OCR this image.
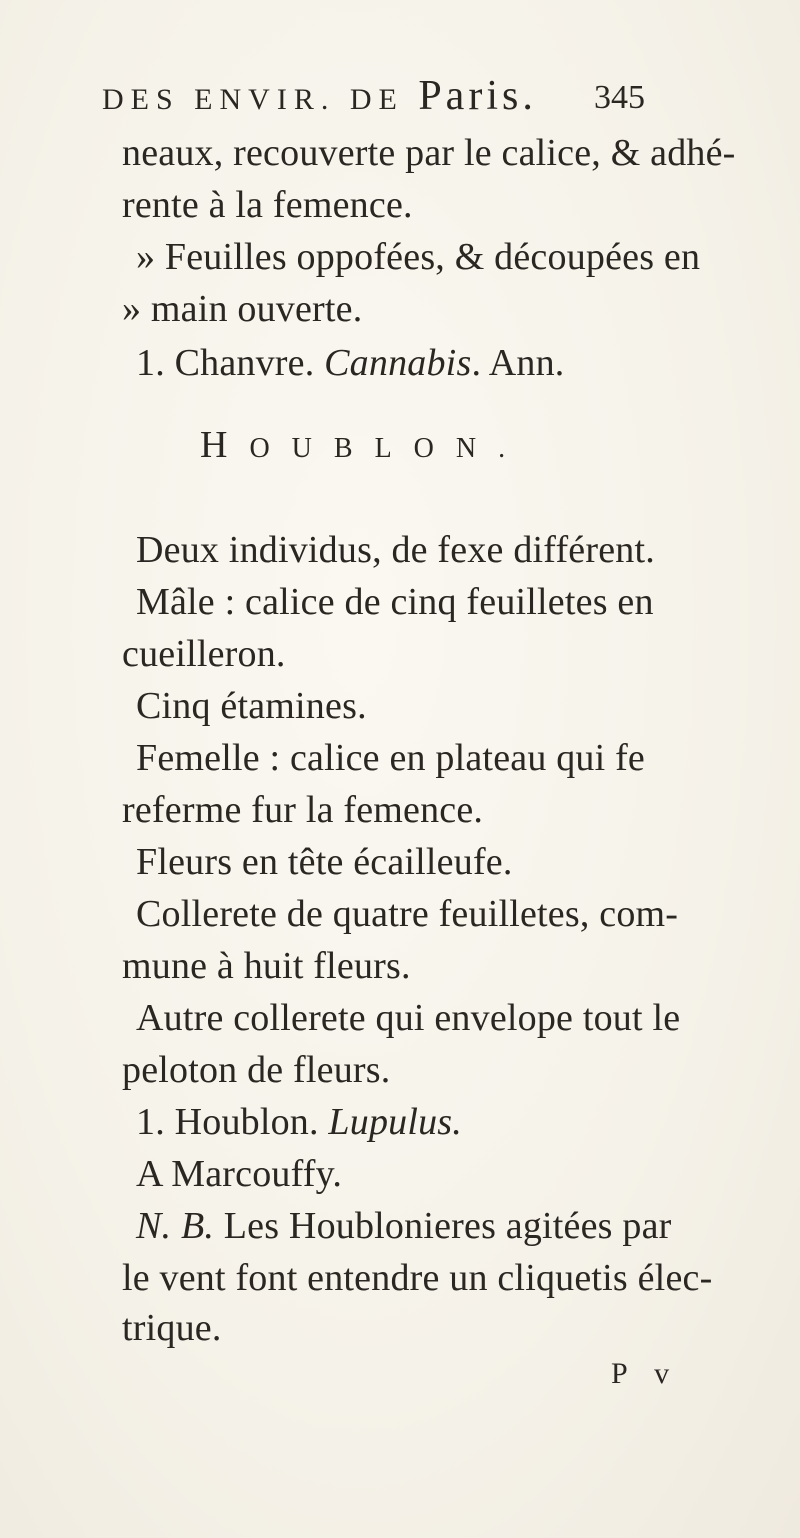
DES ENVIR. DE Paris. 345
neaux, recouverte par le calice, & adhé-
rente à la femence.
» Feuilles oppofées, & découpées en
» main ouverte.
1. Chanvre. Cannabis. Ann.
HOUBLON.
Deux individus, de fexe différent.
Mâle : calice de cinq feuilletes en
cueilleron.
Cinq étamines.
Femelle : calice en plateau qui fe
referme fur la femence.
Fleurs en tête écailleufe.
Collerete de quatre feuilletes, com-
mune à huit fleurs.
Autre collerete qui envelope tout le
peloton de fleurs.
1. Houblon. Lupulus.
A Marcouffy.
N. B. Les Houblonieres agitées par
le vent font entendre un cliquetis élec-
trique.
P v
